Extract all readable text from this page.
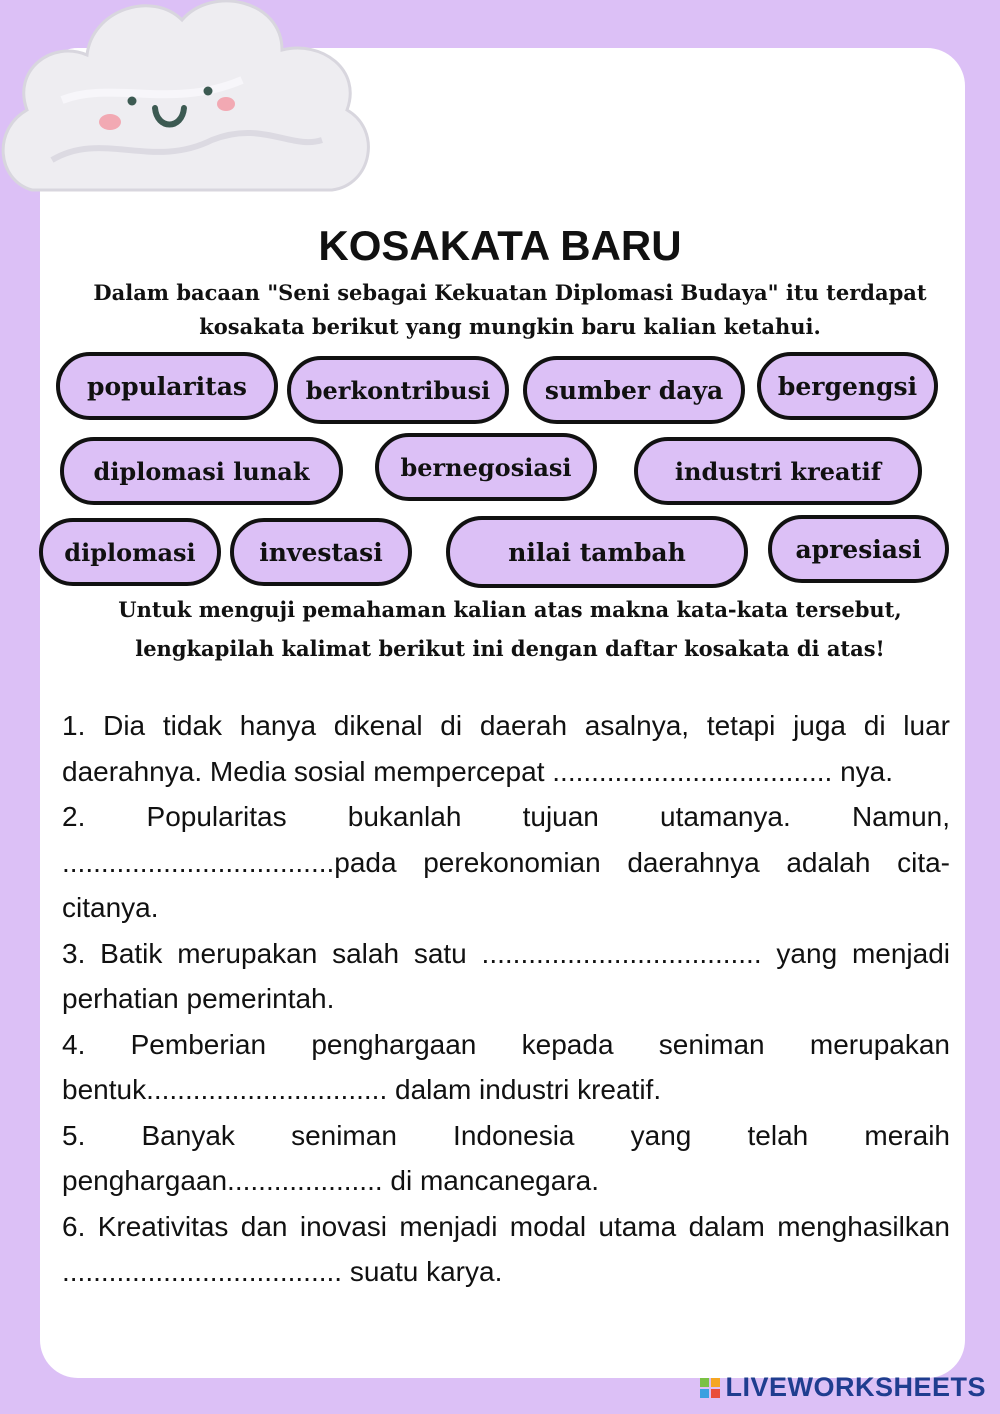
KOSAKATA BARU
Dalam bacaan "Seni sebagai Kekuatan Diplomasi Budaya" itu terdapat kosakata berikut yang mungkin baru kalian ketahui.
popularitas	berkontribusi	sumber daya	bergengsi
diplomasi lunak	bernegosiasi	industri kreatif
diplomasi	investasi	nilai tambah	apresiasi
Untuk menguji pemahaman kalian atas makna kata-kata tersebut, lengkapilah kalimat berikut ini dengan daftar kosakata di atas!

1. Dia tidak hanya dikenal di daerah asalnya, tetapi juga di luar daerahnya. Media sosial mempercepat .................................... nya.

2. Popularitas bukanlah tujuan utamanya. Namun, ...................................pada perekonomian daerahnya adalah cita-citanya.

3. Batik merupakan salah satu .................................... yang menjadi perhatian pemerintah.

4. Pemberian penghargaan kepada seniman merupakan bentuk............................... dalam industri kreatif.

5. Banyak seniman Indonesia yang telah meraih penghargaan.................... di mancanegara.

6. Kreativitas dan inovasi menjadi modal utama dalam menghasilkan .................................... suatu karya.

LIVEWORKSHEETS
